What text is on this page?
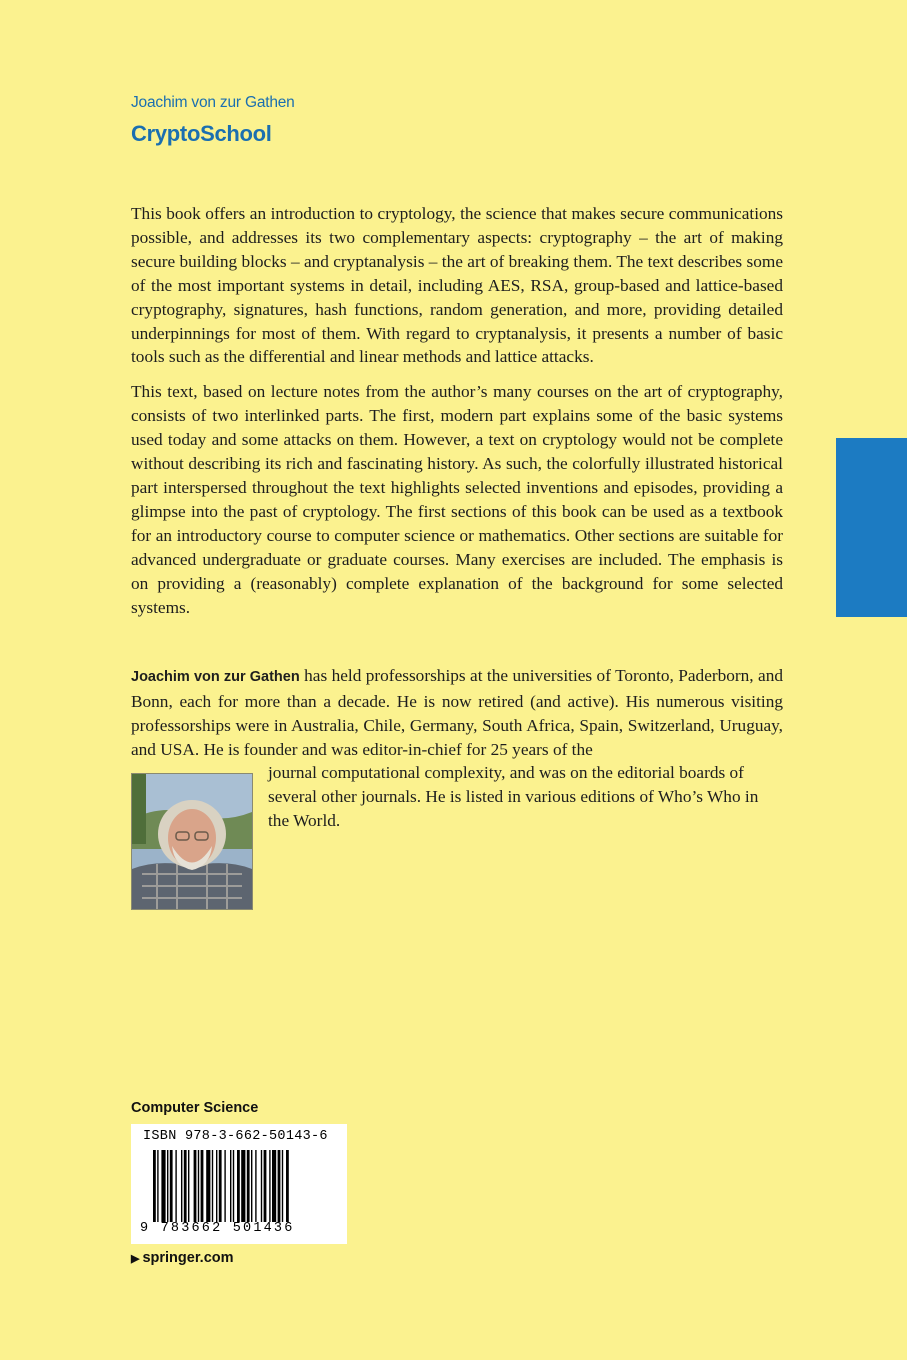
Joachim von zur Gathen
CryptoSchool

This book offers an introduction to cryptology, the science that makes secure communications possible, and addresses its two complementary aspects: cryptography – the art of making secure building blocks – and cryptanalysis – the art of breaking them. The text describes some of the most important systems in detail, including AES, RSA, group-based and lattice-based cryptography, signatures, hash functions, random generation, and more, providing detailed underpinnings for most of them. With regard to cryptanalysis, it presents a number of basic tools such as the differential and linear methods and lattice attacks.

This text, based on lecture notes from the author’s many courses on the art of cryptography, consists of two interlinked parts. The first, modern part explains some of the basic systems used today and some attacks on them. However, a text on cryptology would not be complete without describing its rich and fascinating history. As such, the colorfully illustrated historical part interspersed throughout the text highlights selected inventions and episodes, providing a glimpse into the past of cryptology. The first sections of this book can be used as a textbook for an introductory course to computer science or mathematics. Other sections are suitable for advanced undergraduate or graduate courses. Many exercises are included. The emphasis is on providing a (reasonably) complete explanation of the background for some selected systems.

Joachim von zur Gathen has held professorships at the universities of Toronto, Paderborn, and Bonn, each for more than a decade. He is now retired (and active). His numerous visiting professorships were in Australia, Chile, Germany, South Africa, Spain, Switzerland, Uruguay, and USA. He is founder and was editor-in-chief for 25 years of the
journal computational complexity, and was on the editorial boards of several other journals. He is listed in various editions of Who’s Who in the World.
Computer Science
ISBN 978-3-662-50143-6
9 783662 501436
▶ springer.com
